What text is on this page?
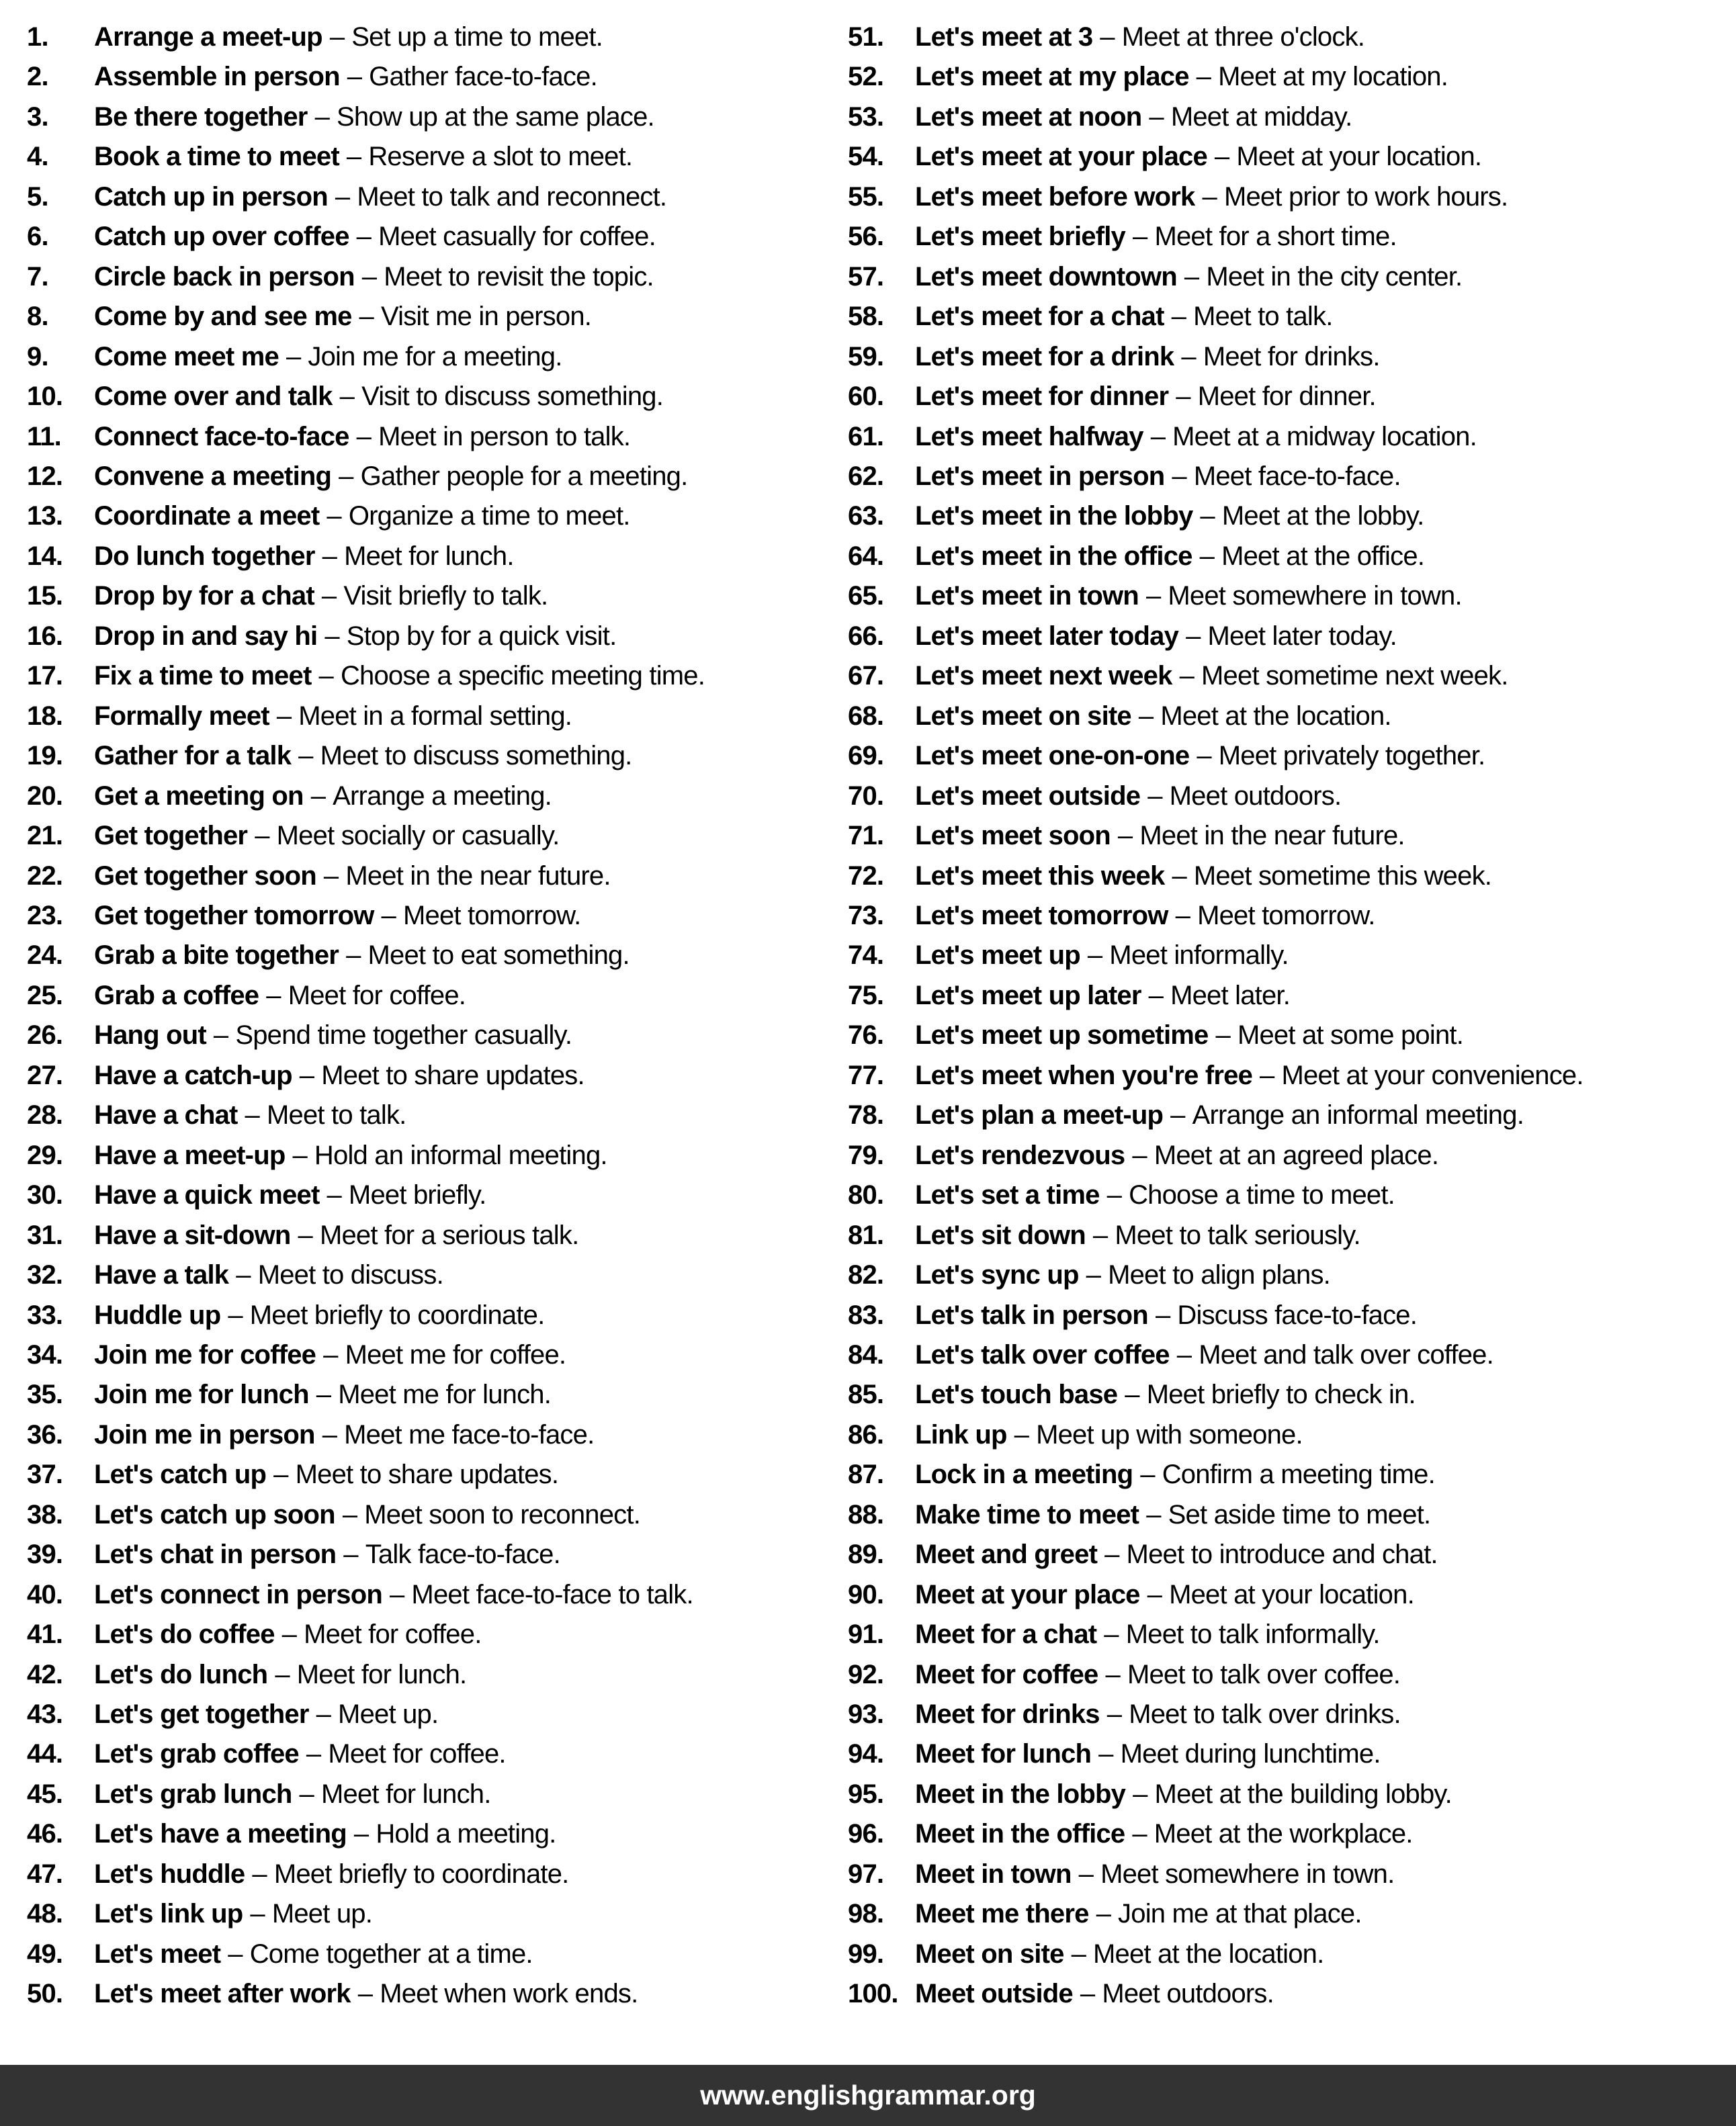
1.	Arrange a meet-up – Set up a time to meet.
2.	Assemble in person – Gather face-to-face.
3.	Be there together – Show up at the same place.
4.	Book a time to meet – Reserve a slot to meet.
5.	Catch up in person – Meet to talk and reconnect.
6.	Catch up over coffee – Meet casually for coffee.
7.	Circle back in person – Meet to revisit the topic.
8.	Come by and see me – Visit me in person.
9.	Come meet me – Join me for a meeting.
10.	Come over and talk – Visit to discuss something.
11.	Connect face-to-face – Meet in person to talk.
12.	Convene a meeting – Gather people for a meeting.
13.	Coordinate a meet – Organize a time to meet.
14.	Do lunch together – Meet for lunch.
15.	Drop by for a chat – Visit briefly to talk.
16.	Drop in and say hi – Stop by for a quick visit.
17.	Fix a time to meet – Choose a specific meeting time.
18.	Formally meet – Meet in a formal setting.
19.	Gather for a talk – Meet to discuss something.
20.	Get a meeting on – Arrange a meeting.
21.	Get together – Meet socially or casually.
22.	Get together soon – Meet in the near future.
23.	Get together tomorrow – Meet tomorrow.
24.	Grab a bite together – Meet to eat something.
25.	Grab a coffee – Meet for coffee.
26.	Hang out – Spend time together casually.
27.	Have a catch-up – Meet to share updates.
28.	Have a chat – Meet to talk.
29.	Have a meet-up – Hold an informal meeting.
30.	Have a quick meet – Meet briefly.
31.	Have a sit-down – Meet for a serious talk.
32.	Have a talk – Meet to discuss.
33.	Huddle up – Meet briefly to coordinate.
34.	Join me for coffee – Meet me for coffee.
35.	Join me for lunch – Meet me for lunch.
36.	Join me in person – Meet me face-to-face.
37.	Let's catch up – Meet to share updates.
38.	Let's catch up soon – Meet soon to reconnect.
39.	Let's chat in person – Talk face-to-face.
40.	Let's connect in person – Meet face-to-face to talk.
41.	Let's do coffee – Meet for coffee.
42.	Let's do lunch – Meet for lunch.
43.	Let's get together – Meet up.
44.	Let's grab coffee – Meet for coffee.
45.	Let's grab lunch – Meet for lunch.
46.	Let's have a meeting – Hold a meeting.
47.	Let's huddle – Meet briefly to coordinate.
48.	Let's link up – Meet up.
49.	Let's meet – Come together at a time.
50.	Let's meet after work – Meet when work ends.
51.	Let's meet at 3 – Meet at three o'clock.
52.	Let's meet at my place – Meet at my location.
53.	Let's meet at noon – Meet at midday.
54.	Let's meet at your place – Meet at your location.
55.	Let's meet before work – Meet prior to work hours.
56.	Let's meet briefly – Meet for a short time.
57.	Let's meet downtown – Meet in the city center.
58.	Let's meet for a chat – Meet to talk.
59.	Let's meet for a drink – Meet for drinks.
60.	Let's meet for dinner – Meet for dinner.
61.	Let's meet halfway – Meet at a midway location.
62.	Let's meet in person – Meet face-to-face.
63.	Let's meet in the lobby – Meet at the lobby.
64.	Let's meet in the office – Meet at the office.
65.	Let's meet in town – Meet somewhere in town.
66.	Let's meet later today – Meet later today.
67.	Let's meet next week – Meet sometime next week.
68.	Let's meet on site – Meet at the location.
69.	Let's meet one-on-one – Meet privately together.
70.	Let's meet outside – Meet outdoors.
71.	Let's meet soon – Meet in the near future.
72.	Let's meet this week – Meet sometime this week.
73.	Let's meet tomorrow – Meet tomorrow.
74.	Let's meet up – Meet informally.
75.	Let's meet up later – Meet later.
76.	Let's meet up sometime – Meet at some point.
77.	Let's meet when you're free – Meet at your convenience.
78.	Let's plan a meet-up – Arrange an informal meeting.
79.	Let's rendezvous – Meet at an agreed place.
80.	Let's set a time – Choose a time to meet.
81.	Let's sit down – Meet to talk seriously.
82.	Let's sync up – Meet to align plans.
83.	Let's talk in person – Discuss face-to-face.
84.	Let's talk over coffee – Meet and talk over coffee.
85.	Let's touch base – Meet briefly to check in.
86.	Link up – Meet up with someone.
87.	Lock in a meeting – Confirm a meeting time.
88.	Make time to meet – Set aside time to meet.
89.	Meet and greet – Meet to introduce and chat.
90.	Meet at your place – Meet at your location.
91.	Meet for a chat – Meet to talk informally.
92.	Meet for coffee – Meet to talk over coffee.
93.	Meet for drinks – Meet to talk over drinks.
94.	Meet for lunch – Meet during lunchtime.
95.	Meet in the lobby – Meet at the building lobby.
96.	Meet in the office – Meet at the workplace.
97.	Meet in town – Meet somewhere in town.
98.	Meet me there – Join me at that place.
99.	Meet on site – Meet at the location.
100. Meet outside – Meet outdoors.
www.englishgrammar.org
